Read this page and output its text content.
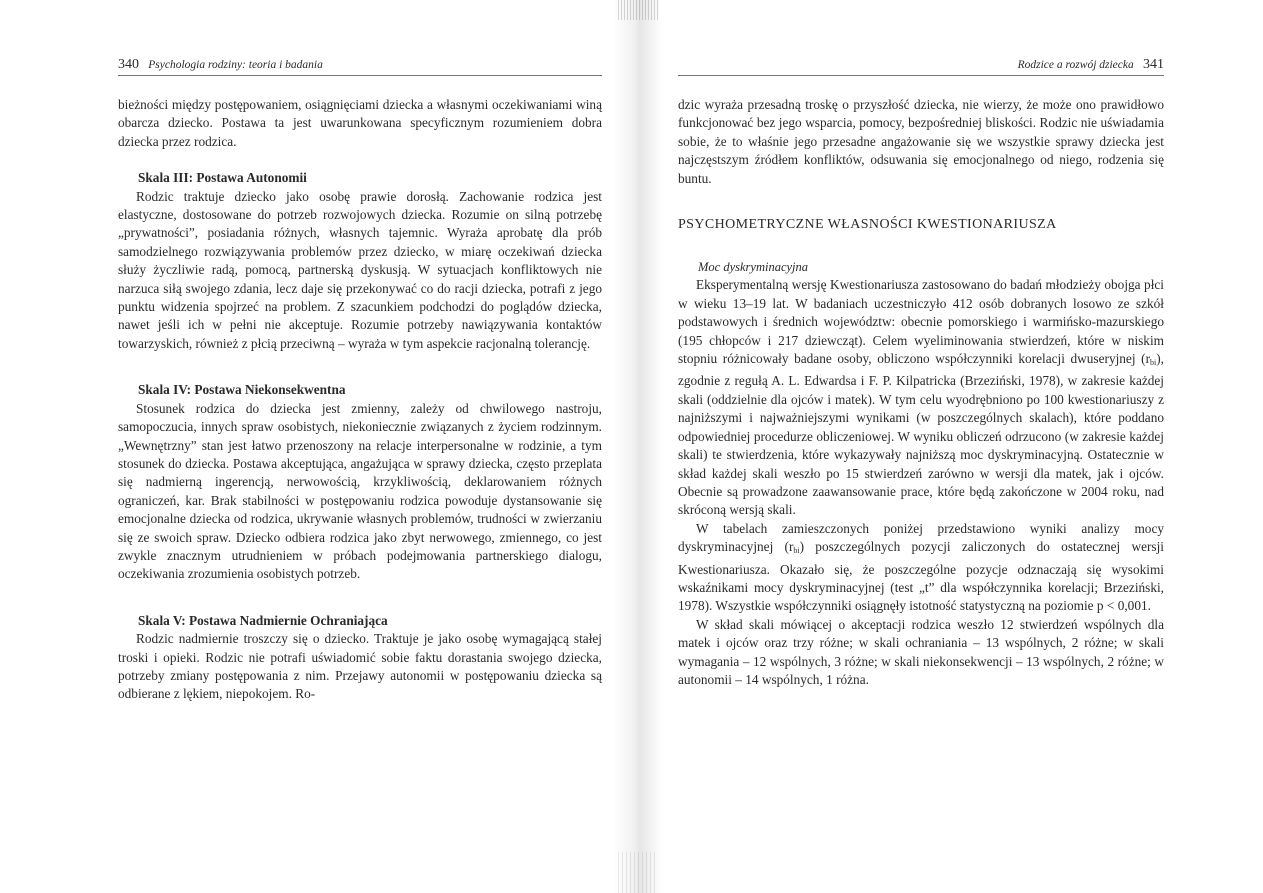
340 Psychologia rodziny: teoria i badania

bieżności między postępowaniem, osiągnięciami dziecka a własnymi oczekiwaniami winą obarcza dziecko. Postawa ta jest uwarunkowana specyficznym rozumieniem dobra dziecka przez rodzica.

Skala III: Postawa Autonomii

Rodzic traktuje dziecko jako osobę prawie dorosłą. Zachowanie rodzica jest elastyczne, dostosowane do potrzeb rozwojowych dziecka. Rozumie on silną potrzebę „prywatności”, posiadania różnych, własnych tajemnic. Wyraża aprobatę dla prób samodzielnego rozwiązywania problemów przez dziecko, w miarę oczekiwań dziecka służy życzliwie radą, pomocą, partnerską dyskusją. W sytuacjach konfliktowych nie narzuca siłą swojego zdania, lecz daje się przekonywać co do racji dziecka, potrafi z jego punktu widzenia spojrzeć na problem. Z szacunkiem podchodzi do poglądów dziecka, nawet jeśli ich w pełni nie akceptuje. Rozumie potrzeby nawiązywania kontaktów towarzyskich, również z płcią przeciwną – wyraża w tym aspekcie racjonalną tolerancję.

Skala IV: Postawa Niekonsekwentna

Stosunek rodzica do dziecka jest zmienny, zależy od chwilowego nastroju, samopoczucia, innych spraw osobistych, niekoniecznie związanych z życiem rodzinnym. „Wewnętrzny” stan jest łatwo przenoszony na relacje interpersonalne w rodzinie, a tym stosunek do dziecka. Postawa akceptująca, angażująca w sprawy dziecka, często przeplata się nadmierną ingerencją, nerwowością, krzykliwością, deklarowaniem różnych ograniczeń, kar. Brak stabilności w postępowaniu rodzica powoduje dystansowanie się emocjonalne dziecka od rodzica, ukrywanie własnych problemów, trudności w zwierzaniu się ze swoich spraw. Dziecko odbiera rodzica jako zbyt nerwowego, zmiennego, co jest zwykle znacznym utrudnieniem w próbach podejmowania partnerskiego dialogu, oczekiwania zrozumienia osobistych potrzeb.

Skala V: Postawa Nadmiernie Ochraniająca

Rodzic nadmiernie troszczy się o dziecko. Traktuje je jako osobę wymagającą stałej troski i opieki. Rodzic nie potrafi uświadomić sobie faktu dorastania swojego dziecka, potrzeby zmiany postępowania z nim. Przejawy autonomii w postępowaniu dziecka są odbierane z lękiem, niepokojem. Ro-

Rodzice a rozwój dziecka 341

dzic wyraża przesadną troskę o przyszłość dziecka, nie wierzy, że może ono prawidłowo funkcjonować bez jego wsparcia, pomocy, bezpośredniej bliskości. Rodzic nie uświadamia sobie, że to właśnie jego przesadne angażowanie się we wszystkie sprawy dziecka jest najczęstszym źródłem konfliktów, odsuwania się emocjonalnego od niego, rodzenia się buntu.

PSYCHOMETRYCZNE WŁASNOŚCI KWESTIONARIUSZA
Moc dyskryminacyjna

Eksperymentalną wersję Kwestionariusza zastosowano do badań młodzieży obojga płci w wieku 13–19 lat. W badaniach uczestniczyło 412 osób dobranych losowo ze szkół podstawowych i średnich województw: obecnie pomorskiego i warmińsko-mazurskiego (195 chłopców i 217 dziewcząt). Celem wyeliminowania stwierdzeń, które w niskim stopniu różnicowały badane osoby, obliczono współczynniki korelacji dwuseryjnej $(r_{bi})$, zgodnie z regułą A. L. Edwardsa i F. P. Kilpatricka (Brzeziński, 1978), w zakresie każdej skali (oddzielnie dla ojców i matek). W tym celu wyodrębniono po 100 kwestionariuszy z najniższymi i najważniejszymi wynikami (w poszczególnych skalach), które poddano odpowiedniej procedurze obliczeniowej. W wyniku obliczeń odrzucono (w zakresie każdej skali) te stwierdzenia, które wykazywały najniższą moc dyskryminacyjną. Ostatecznie w skład każdej skali weszło po 15 stwierdzeń zarówno w wersji dla matek, jak i ojców. Obecnie są prowadzone zaawansowanie prace, które będą zakończone w 2004 roku, nad skróconą wersją skali.

W tabelach zamieszczonych poniżej przedstawiono wyniki analizy mocy dyskryminacyjnej $(r_{bi})$ poszczególnych pozycji zaliczonych do ostatecznej wersji Kwestionariusza. Okazało się, że poszczególne pozycje odznaczają się wysokimi wskaźnikami mocy dyskryminacyjnej (test „t” dla współczynnika korelacji; Brzeziński, 1978). Wszystkie współczynniki osiągnęły istotność statystyczną na poziomie p < 0,001.

W skład skali mówiącej o akceptacji rodzica weszło 12 stwierdzeń wspólnych dla matek i ojców oraz trzy różne; w skali ochraniania – 13 wspólnych, 2 różne; w skali wymagania – 12 wspólnych, 3 różne; w skali niekonsekwencji – 13 wspólnych, 2 różne; w autonomii – 14 wspólnych, 1 różna.
